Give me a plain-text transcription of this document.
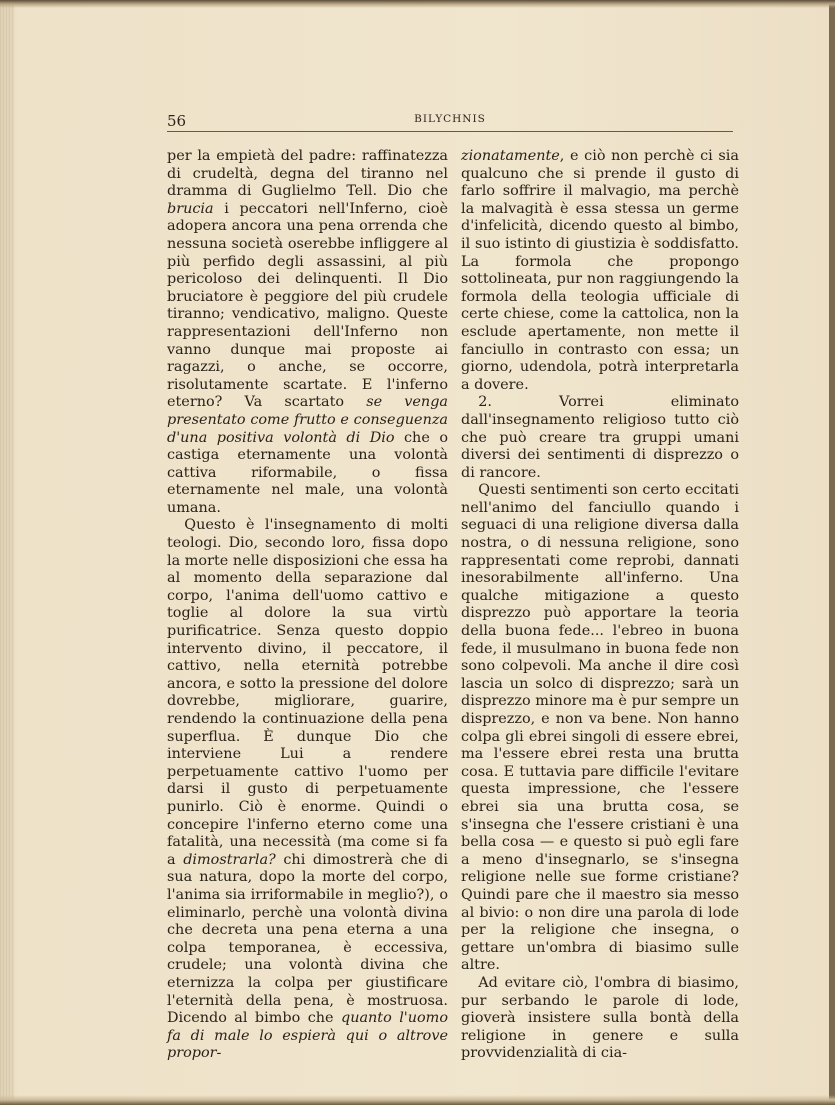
56	BILYCHNIS

per la empietà del padre: raffinatezza di crudeltà, degna del tiranno nel dramma di Guglielmo Tell. Dio che brucia i peccatori nell'Inferno, cioè adopera ancora una pena orrenda che nessuna società oserebbe infliggere al più perfido degli assassini, al più pericoloso dei delinquenti. Il Dio bruciatore è peggiore del più crudele tiranno; vendicativo, maligno. Queste rappresentazioni dell'Inferno non vanno dunque mai proposte ai ragazzi, o anche, se occorre, risolutamente scartate. E l'inferno eterno? Va scartato se venga presentato come frutto e conseguenza d'una positiva volontà di Dio che o castiga eternamente una volontà cattiva riformabile, o fissa eternamente nel male, una volontà umana.

Questo è l'insegnamento di molti teologi. Dio, secondo loro, fissa dopo la morte nelle disposizioni che essa ha al momento della separazione dal corpo, l'anima dell'uomo cattivo e toglie al dolore la sua virtù purificatrice. Senza questo doppio intervento divino, il peccatore, il cattivo, nella eternità potrebbe ancora, e sotto la pressione del dolore dovrebbe, migliorare, guarire, rendendo la continuazione della pena superflua. È dunque Dio che interviene Lui a rendere perpetuamente cattivo l'uomo per darsi il gusto di perpetuamente punirlo. Ciò è enorme. Quindi o concepire l'inferno eterno come una fatalità, una necessità (ma come si fa a dimostrarla? chi dimostrerà che di sua natura, dopo la morte del corpo, l'anima sia irriformabile in meglio?), o eliminarlo, perchè una volontà divina che decreta una pena eterna a una colpa temporanea, è eccessiva, crudele; una volontà divina che eternizza la colpa per giustificare l'eternità della pena, è mostruosa. Dicendo al bimbo che quanto l'uomo fa di male lo espierà qui o altrove propor-

zionatamente, e ciò non perchè ci sia qualcuno che si prende il gusto di farlo soffrire il malvagio, ma perchè la malvagità è essa stessa un germe d'infelicità, dicendo questo al bimbo, il suo istinto di giustizia è soddisfatto. La formola che propongo sottolineata, pur non raggiungendo la formola della teologia ufficiale di certe chiese, come la cattolica, non la esclude apertamente, non mette il fanciullo in contrasto con essa; un giorno, udendola, potrà interpretarla a dovere.

2. Vorrei eliminato dall'insegnamento religioso tutto ciò che può creare tra gruppi umani diversi dei sentimenti di disprezzo o di rancore.

Questi sentimenti son certo eccitati nell'animo del fanciullo quando i seguaci di una religione diversa dalla nostra, o di nessuna religione, sono rappresentati come reprobi, dannati inesorabilmente all'inferno. Una qualche mitigazione a questo disprezzo può apportare la teoria della buona fede... l'ebreo in buona fede, il musulmano in buona fede non sono colpevoli. Ma anche il dire così lascia un solco di disprezzo; sarà un disprezzo minore ma è pur sempre un disprezzo, e non va bene. Non hanno colpa gli ebrei singoli di essere ebrei, ma l'essere ebrei resta una brutta cosa. E tuttavia pare difficile l'evitare questa impressione, che l'essere ebrei sia una brutta cosa, se s'insegna che l'essere cristiani è una bella cosa — e questo si può egli fare a meno d'insegnarlo, se s'insegna religione nelle sue forme cristiane? Quindi pare che il maestro sia messo al bivio: o non dire una parola di lode per la religione che insegna, o gettare un'ombra di biasimo sulle altre.

Ad evitare ciò, l'ombra di biasimo, pur serbando le parole di lode, gioverà insistere sulla bontà della religione in genere e sulla provvidenzialità di cia-
